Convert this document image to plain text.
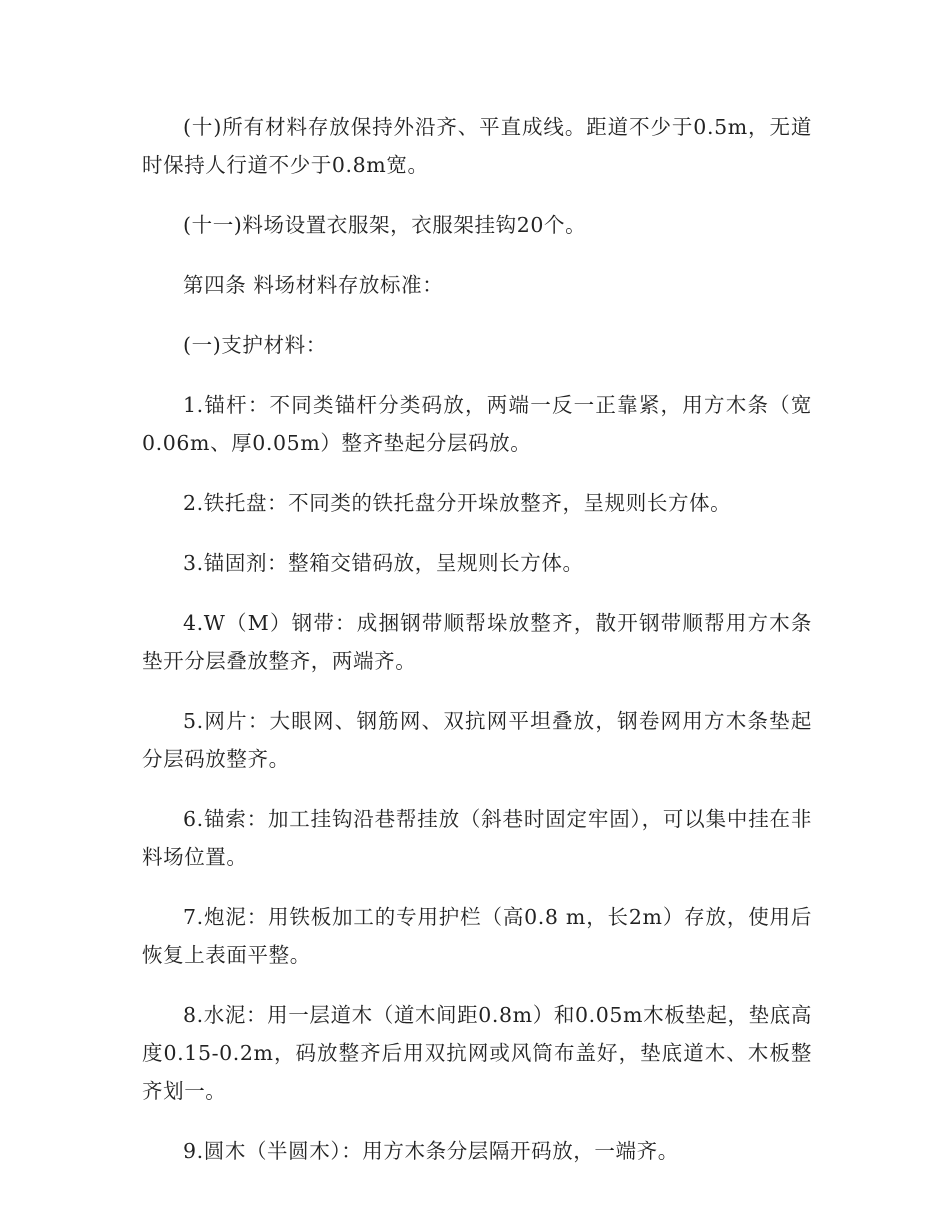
(十)所有材料存放保持外沿齐、平直成线。距道不少于0.5m，无道时保持人行道不少于0.8m宽。

(十一)料场设置衣服架，衣服架挂钩20个。

第四条 料场材料存放标准：

(一)支护材料：

1.锚杆：不同类锚杆分类码放，两端一反一正靠紧，用方木条（宽0.06m、厚0.05m）整齐垫起分层码放。

2.铁托盘：不同类的铁托盘分开垛放整齐，呈规则长方体。

3.锚固剂：整箱交错码放，呈规则长方体。

4.W（M）钢带：成捆钢带顺帮垛放整齐，散开钢带顺帮用方木条垫开分层叠放整齐，两端齐。

5.网片：大眼网、钢筋网、双抗网平坦叠放，钢卷网用方木条垫起分层码放整齐。

6.锚索：加工挂钩沿巷帮挂放（斜巷时固定牢固），可以集中挂在非料场位置。

7.炮泥：用铁板加工的专用护栏（高0.8 m，长2m）存放，使用后恢复上表面平整。

8.水泥：用一层道木（道木间距0.8m）和0.05m木板垫起，垫底高度0.15-0.2m，码放整齐后用双抗网或风筒布盖好，垫底道木、木板整齐划一。

9.圆木（半圆木）：用方木条分层隔开码放，一端齐。
